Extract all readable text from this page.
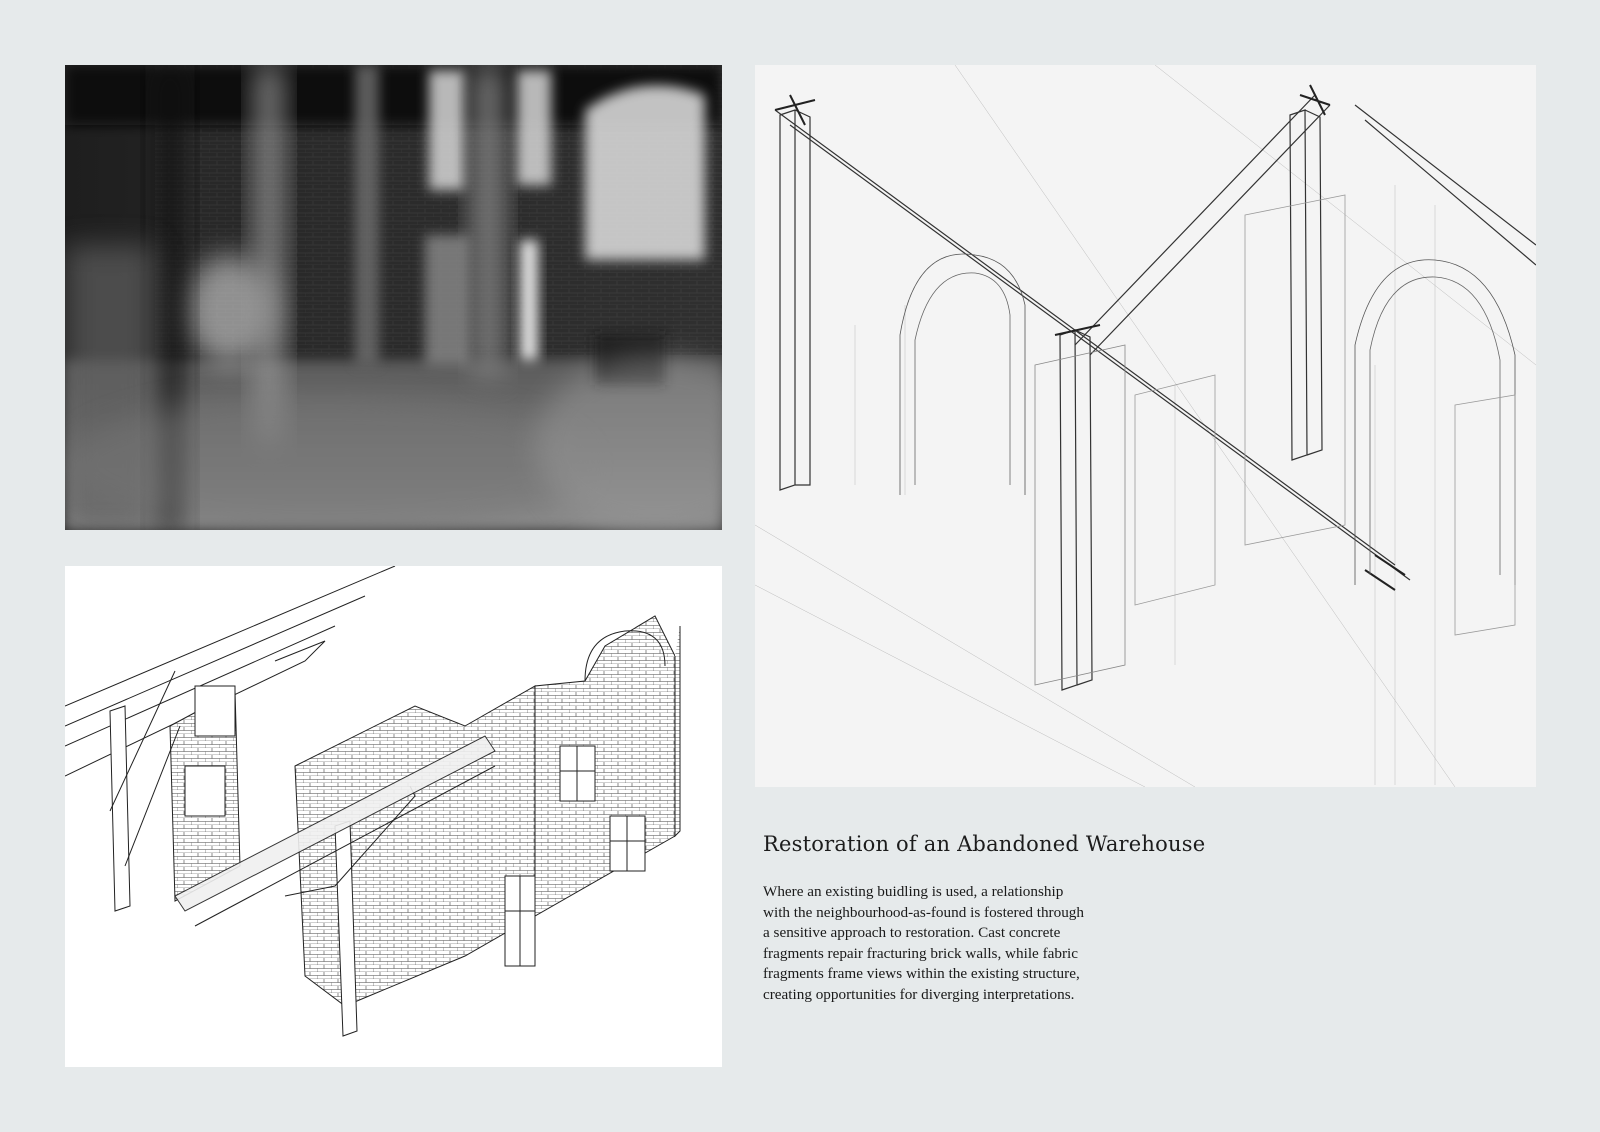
Restoration of an Abandoned Warehouse

Where an existing buidling is used, a relationship
with the neighbourhood-as-found is fostered through
a sensitive approach to restoration. Cast concrete
fragments repair fracturing brick walls, while fabric
fragments frame views within the existing structure,
creating opportunities for diverging interpretations.
